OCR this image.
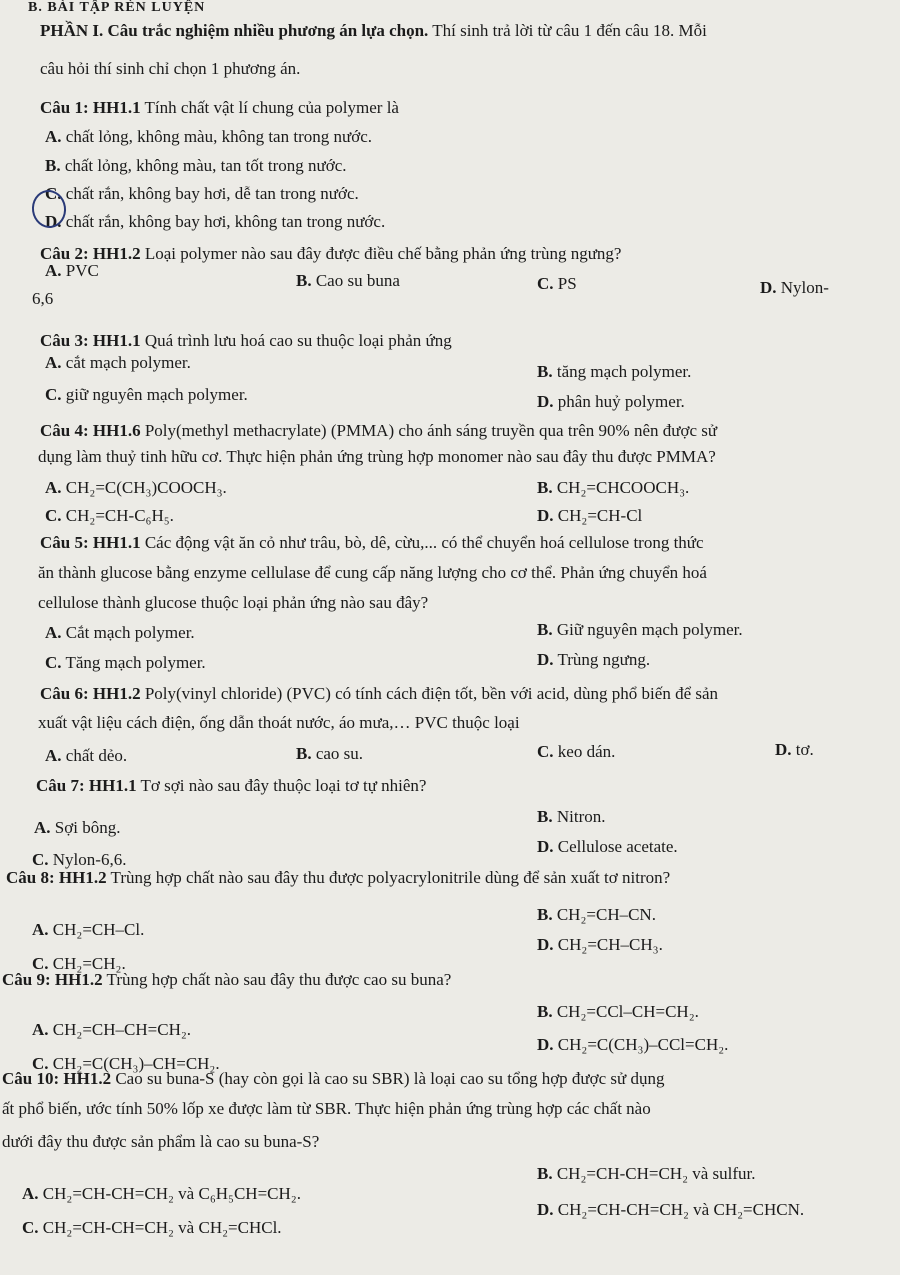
B. BÀI TẬP RÈN LUYỆN
PHẦN I. Câu trắc nghiệm nhiều phương án lựa chọn. Thí sinh trả lời từ câu 1 đến câu 18. Mỗi
câu hỏi thí sinh chỉ chọn 1 phương án.
Câu 1: HH1.1 Tính chất vật lí chung của polymer là
A. chất lỏng, không màu, không tan trong nước.
B. chất lỏng, không màu, tan tốt trong nước.
C. chất rắn, không bay hơi, dễ tan trong nước.
D. chất rắn, không bay hơi, không tan trong nước.
Câu 2: HH1.2 Loại polymer nào sau đây được điều chế bằng phản ứng trùng ngưng?
A. PVC
B. Cao su buna	C. PS	D. Nylon-
6,6
Câu 3: HH1.1 Quá trình lưu hoá cao su thuộc loại phản ứng
A. cắt mạch polymer.	B. tăng mạch polymer.
C. giữ nguyên mạch polymer.	D. phân huỷ polymer.
Câu 4: HH1.6 Poly(methyl methacrylate) (PMMA) cho ánh sáng truyền qua trên 90% nên được sử
dụng làm thuỷ tinh hữu cơ. Thực hiện phản ứng trùng hợp monomer nào sau đây thu được PMMA?
A. CH₂=C(CH₃)COOCH₃.	B. CH₂=CHCOOCH₃.
C. CH₂=CH-C₆H₅.	D. CH₂=CH-Cl
Câu 5: HH1.1 Các động vật ăn cỏ như trâu, bò, dê, cừu,... có thể chuyển hoá cellulose trong thức
ăn thành glucose bằng enzyme cellulase để cung cấp năng lượng cho cơ thể. Phản ứng chuyển hoá
cellulose thành glucose thuộc loại phản ứng nào sau đây?
A. Cắt mạch polymer.	B. Giữ nguyên mạch polymer.
C. Tăng mạch polymer.	D. Trùng ngưng.
Câu 6: HH1.2 Poly(vinyl chloride) (PVC) có tính cách điện tốt, bền với acid, dùng phổ biến để sản
xuất vật liệu cách điện, ống dẫn thoát nước, áo mưa,… PVC thuộc loại
A. chất dẻo.	B. cao su.	C. keo dán.	D. tơ.
Câu 7: HH1.1 Tơ sợi nào sau đây thuộc loại tơ tự nhiên?
B. Nitron.
A. Sợi bông.
D. Cellulose acetate.
C. Nylon-6,6.
Câu 8: HH1.2 Trùng hợp chất nào sau đây thu được polyacrylonitrile dùng để sản xuất tơ nitron?
B. CH₂=CH–CN.
A. CH₂=CH–Cl.
D. CH₂=CH–CH₃.
C. CH₂=CH₂.
Câu 9: HH1.2 Trùng hợp chất nào sau đây thu được cao su buna?
B. CH₂=CCl–CH=CH₂.
A. CH₂=CH–CH=CH₂.
D. CH₂=C(CH₃)–CCl=CH₂.
C. CH₂=C(CH₃)–CH=CH₂.
Câu 10: HH1.2 Cao su buna-S (hay còn gọi là cao su SBR) là loại cao su tổng hợp được sử dụng
ất phổ biến, ước tính 50% lốp xe được làm từ SBR. Thực hiện phản ứng trùng hợp các chất nào
dưới đây thu được sản phẩm là cao su buna-S?
B. CH₂=CH-CH=CH₂ và sulfur.
A. CH₂=CH-CH=CH₂ và C₆H₅CH=CH₂.
D. CH₂=CH-CH=CH₂ và CH₂=CHCN.
C. CH₂=CH-CH=CH₂ và CH₂=CHCl.
